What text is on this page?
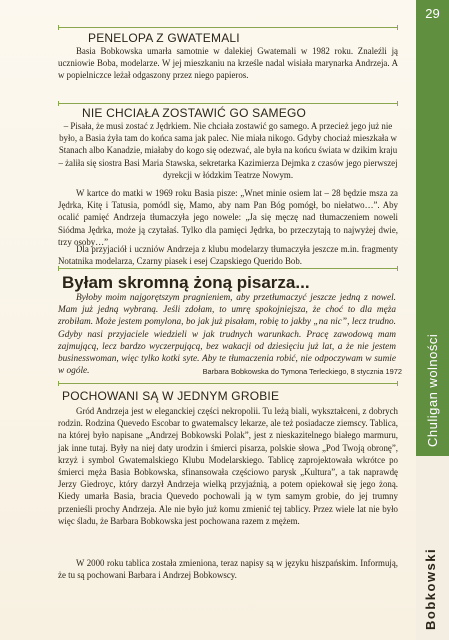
29
Chuligan wolności
Bobkowski
PENELOPA Z GWATEMALI

Basia Bobkowska umarła samotnie w dalekiej Gwatemali w 1982 roku. Znaleźli ją uczniowie Boba, modelarze. W jej mieszkaniu na krześle nadal wisiała marynarka Andrzeja. A w popielniczce leżał odgaszony przez niego papieros.

NIE CHCIAŁA ZOSTAWIĆ GO SAMEGO

– Pisała, że musi zostać z Jędrkiem. Nie chciała zostawić go samego. A przecież jego już nie było, a Basia żyła tam do końca sama jak palec. Nie miała nikogo. Gdyby chociaż mieszkała w Stanach albo Kanadzie, miałaby do kogo się odezwać, ale była na końcu świata w dzikim kraju – żaliła się siostra Basi Maria Stawska, sekretarka Kazimierza Dejmka z czasów jego pierwszej dyrekcji w łódzkim Teatrze Nowym.

W kartce do matki w 1969 roku Basia pisze: „Wnet minie osiem lat – 28 będzie msza za Jędrka, Kitę i Tatusia, pomódl się, Mamo, aby nam Pan Bóg pomógł, bo niełatwo…”. Aby ocalić pamięć Andrzeja tłumaczyła jego nowele: „Ja się męczę nad tłumaczeniem noweli Siódma Jędrka, może ją czytałaś. Tylko dla pamięci Jędrka, bo przeczytają to najwyżej dwie, trzy osoby…”

Dla przyjaciół i uczniów Andrzeja z klubu modelarzy tłumaczyła jeszcze m.in. fragmenty Notatnika modelarza, Czarny piasek i esej Czapskiego Querido Bob.

POCHOWANI SĄ W JEDNYM GROBIE

Gród Andrzeja jest w eleganckiej części nekropolii. Tu leżą biali, wykształceni, z dobrych rodzin. Rodzina Quevedo Escobar to gwatemalscy lekarze, ale też posiadacze ziemscy. Tablica, na której było napisane „Andrzej Bobkowski Polak”, jest z nieskazitelnego białego marmuru, jak inne tutaj. Były na niej daty urodzin i śmierci pisarza, polskie słowa „Pod Twoją obronę”, krzyż i symbol Gwatemalskiego Klubu Modelarskiego. Tablicę zaprojektowała wkrótce po śmierci męża Basia Bobkowska, sfinansowała częściowo parysk „Kultura”, a tak naprawdę Jerzy Giedroyc, który darzył Andrzeja wielką przyjaźnią, a potem opiekował się jego żoną. Kiedy umarła Basia, bracia Quevedo pochowali ją w tym samym grobie, do jej trumny przenieśli prochy Andrzeja. Ale nie było już komu zmienić tej tablicy. Przez wiele lat nie było więc śladu, że Barbara Bobkowska jest pochowana razem z mężem.

W 2000 roku tablica została zmieniona, teraz napisy są w języku hiszpańskim. Informują, że tu są pochowani Barbara i Andrzej Bobkowscy.

Byłam skromną żoną pisarza...

Byłoby moim najgorętszym pragnieniem, aby przetłumaczyć jeszcze jedną z nowel. Mam już jedną wybraną. Jeśli zdołam, to umrę spokojniejsza, że choć to dla męża zrobiłam. Może jestem pomylona, bo jak już pisałam, robię to jakby „na nic”, lecz trudno. Gdyby nasi przyjaciele wiedzieli w jak trudnych warunkach. Pracę zawodową mam zajmującą, lecz bardzo wyczerpującą, bez wakacji od dziesięciu już lat, a że nie jestem businesswoman, więc tylko kotki syte. Aby te tłumaczenia robić, nie odpoczywam w sumie w ogóle.	Barbara Bobkowska do Tymona Terleckiego, 8 stycznia 1972
